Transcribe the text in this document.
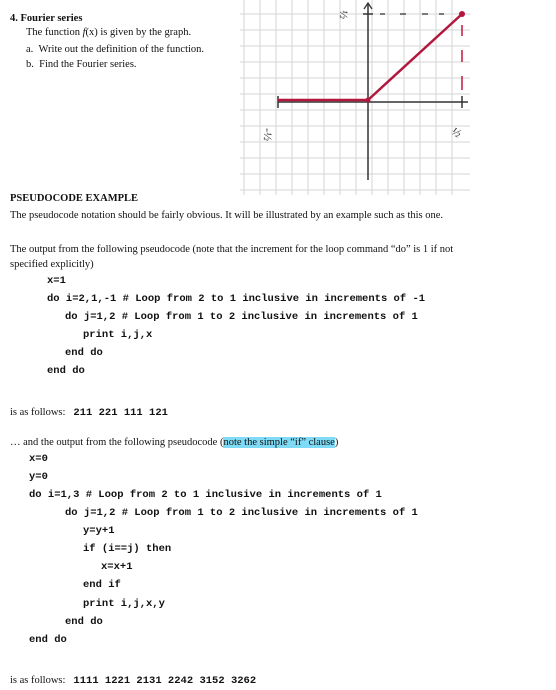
4. Fourier series
The function f(x) is given by the graph.
a. Write out the definition of the function.
b. Find the Fourier series.
½
-½	½
PSEUDOCODE EXAMPLE
The pseudocode notation should be fairly obvious. It will be illustrated by an example such as this one.
The output from the following pseudocode (note that the increment for the loop command “do” is 1 if not
specified explicitly)
x=1
do i=2,1,-1 # Loop from 2 to 1 inclusive in increments of -1
do j=1,2 # Loop from 1 to 2 inclusive in increments of 1
print i,j,x
end do
end do
is as follows: 211 221 111 121
… and the output from the following pseudocode (note the simple “if” clause)
x=0
y=0
do i=1,3 # Loop from 2 to 1 inclusive in increments of 1
do j=1,2 # Loop from 1 to 2 inclusive in increments of 1
y=y+1
if (i==j) then
x=x+1
end if
print i,j,x,y
end do
end do
is as follows: 1111 1221 2131 2242 3152 3262
